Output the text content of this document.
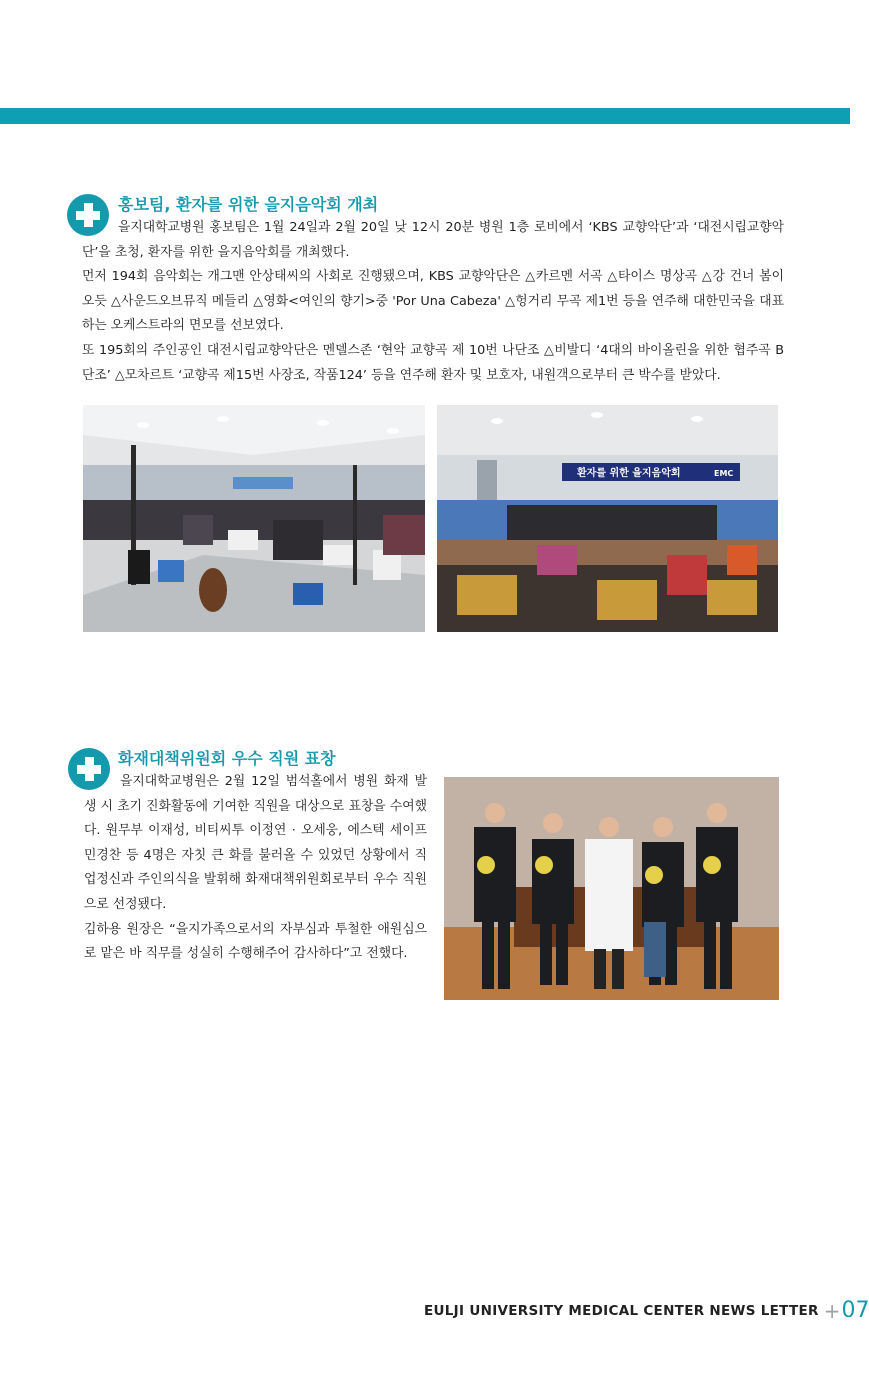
홍보팀, 환자를 위한 을지음악회 개최

을지대학교병원 홍보팀은 1월 24일과 2월 20일 낮 12시 20분 병원 1층 로비에서 ‘KBS 교향악단’과 ‘대전시립교향악단’을 초청, 환자를 위한 을지음악회를 개최했다.

먼저 194회 음악회는 개그맨 안상태씨의 사회로 진행됐으며, KBS 교향악단은 △카르멘 서곡 △타이스 명상곡 △강 건너 봄이 오듯 △사운드오브뮤직 메들리 △영화<여인의 향기>중 'Por Una Cabeza' △헝거리 무곡 제1번 등을 연주해 대한민국을 대표하는 오케스트라의 면모를 선보였다.

또 195회의 주인공인 대전시립교향악단은 멘델스존 ‘현악 교향곡 제 10번 나단조 △비발디 ‘4대의 바이올린을 위한 협주곡 B단조’ △모차르트 ‘교향곡 제15번 사장조, 작품124’ 등을 연주해 환자 및 보호자, 내원객으로부터 큰 박수를 받았다.

환자를 위한 을지음악회	EMC
화재대책위원회 우수 직원 표창

을지대학교병원은 2월 12일 범석홀에서 병원 화재 발생 시 초기 진화활동에 기여한 직원을 대상으로 표창을 수여했다. 원무부 이재성, 비티씨투 이정연 · 오세웅, 에스텍 세이프 민경찬 등 4명은 자칫 큰 화를 불러올 수 있었던 상황에서 직업정신과 주인의식을 발휘해 화재대책위원회로부터 우수 직원으로 선정됐다.

김하용 원장은 “을지가족으로서의 자부심과 투철한 애원심으로 맡은 바 직무를 성실히 수행해주어 감사하다”고 전했다.

EULJI UNIVERSITY MEDICAL CENTER NEWS LETTER + 07
